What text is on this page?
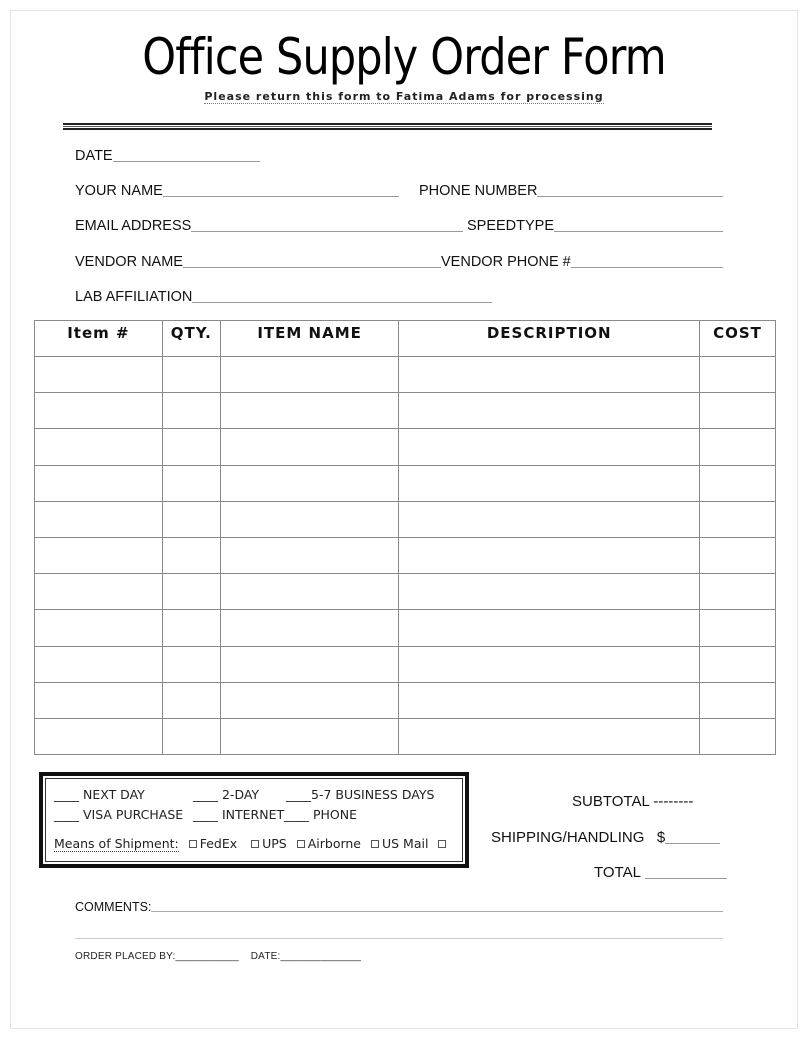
Office Supply Order Form
Please return this form to Fatima Adams for processing
DATE
YOUR NAME	PHONE NUMBER
EMAIL ADDRESS	SPEEDTYPE
VENDOR NAME	VENDOR PHONE #
LAB AFFILIATION
Item #	QTY.	ITEM NAME	DESCRIPTION	COST

____ NEXT DAY	____ 2-DAY ____5-7 BUSINESS DAYS
____ VISA PURCHASE ____ INTERNET ____ PHONE
Means of Shipment: FedEx UPS Airborne US Mail
SUBTOTAL --------
SHIPPING/HANDLING $
TOTAL
COMMENTS:
ORDER PLACED BY:___________ DATE:______________
